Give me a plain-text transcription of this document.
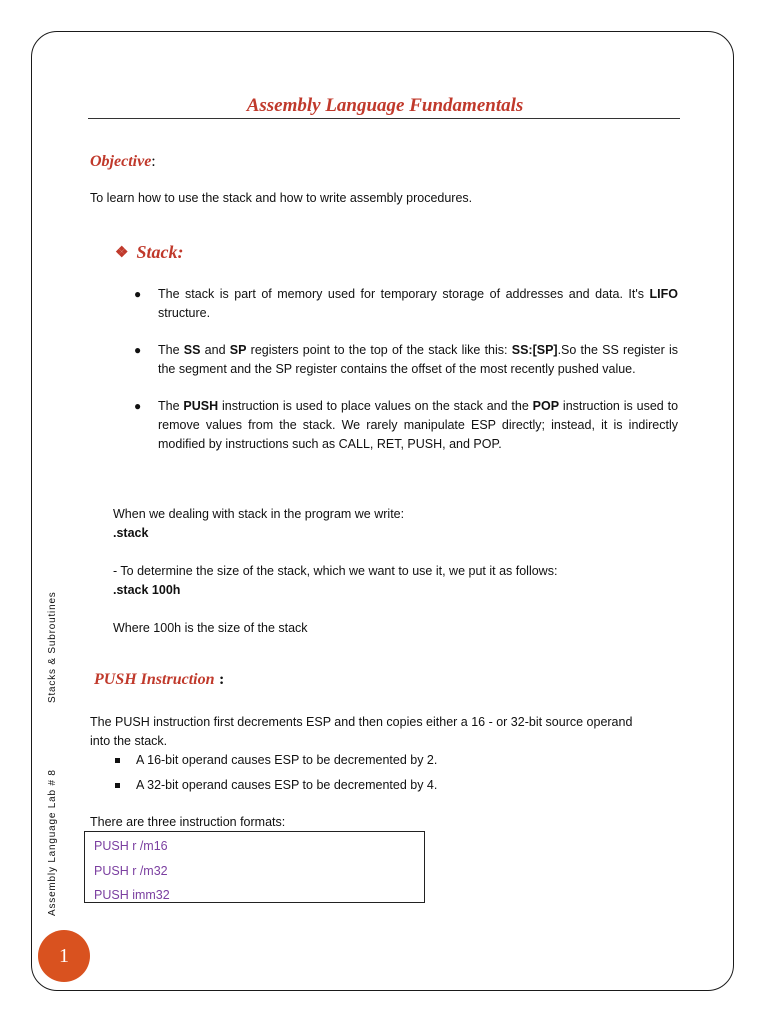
Assembly Language Fundamentals
Objective:
To learn how to use the stack and how to write assembly procedures.
❖ Stack:
● The stack is part of memory used for temporary storage of addresses and data. It's LIFO structure.
● The SS and SP registers point to the top of the stack like this: SS:[SP].So the SS register is the segment and the SP register contains the offset of the most recently pushed value.
● The PUSH instruction is used to place values on the stack and the POP instruction is used to remove values from the stack. We rarely manipulate ESP directly; instead, it is indirectly modified by instructions such as CALL, RET, PUSH, and POP.

When we dealing with stack in the program we write:

.stack

- To determine the size of the stack, which we want to use it, we put it as follows:

.stack 100h

Where 100h is the size of the stack

PUSH Instruction :
The PUSH instruction first decrements ESP and then copies either a 16 - or 32-bit source operand into the stack.
A 16-bit operand causes ESP to be decremented by 2.
A 32-bit operand causes ESP to be decremented by 4.
There are three instruction formats:
PUSH r /m16
PUSH r /m32
PUSH imm32
Stacks & Subroutines
Assembly Language Lab # 8
1
